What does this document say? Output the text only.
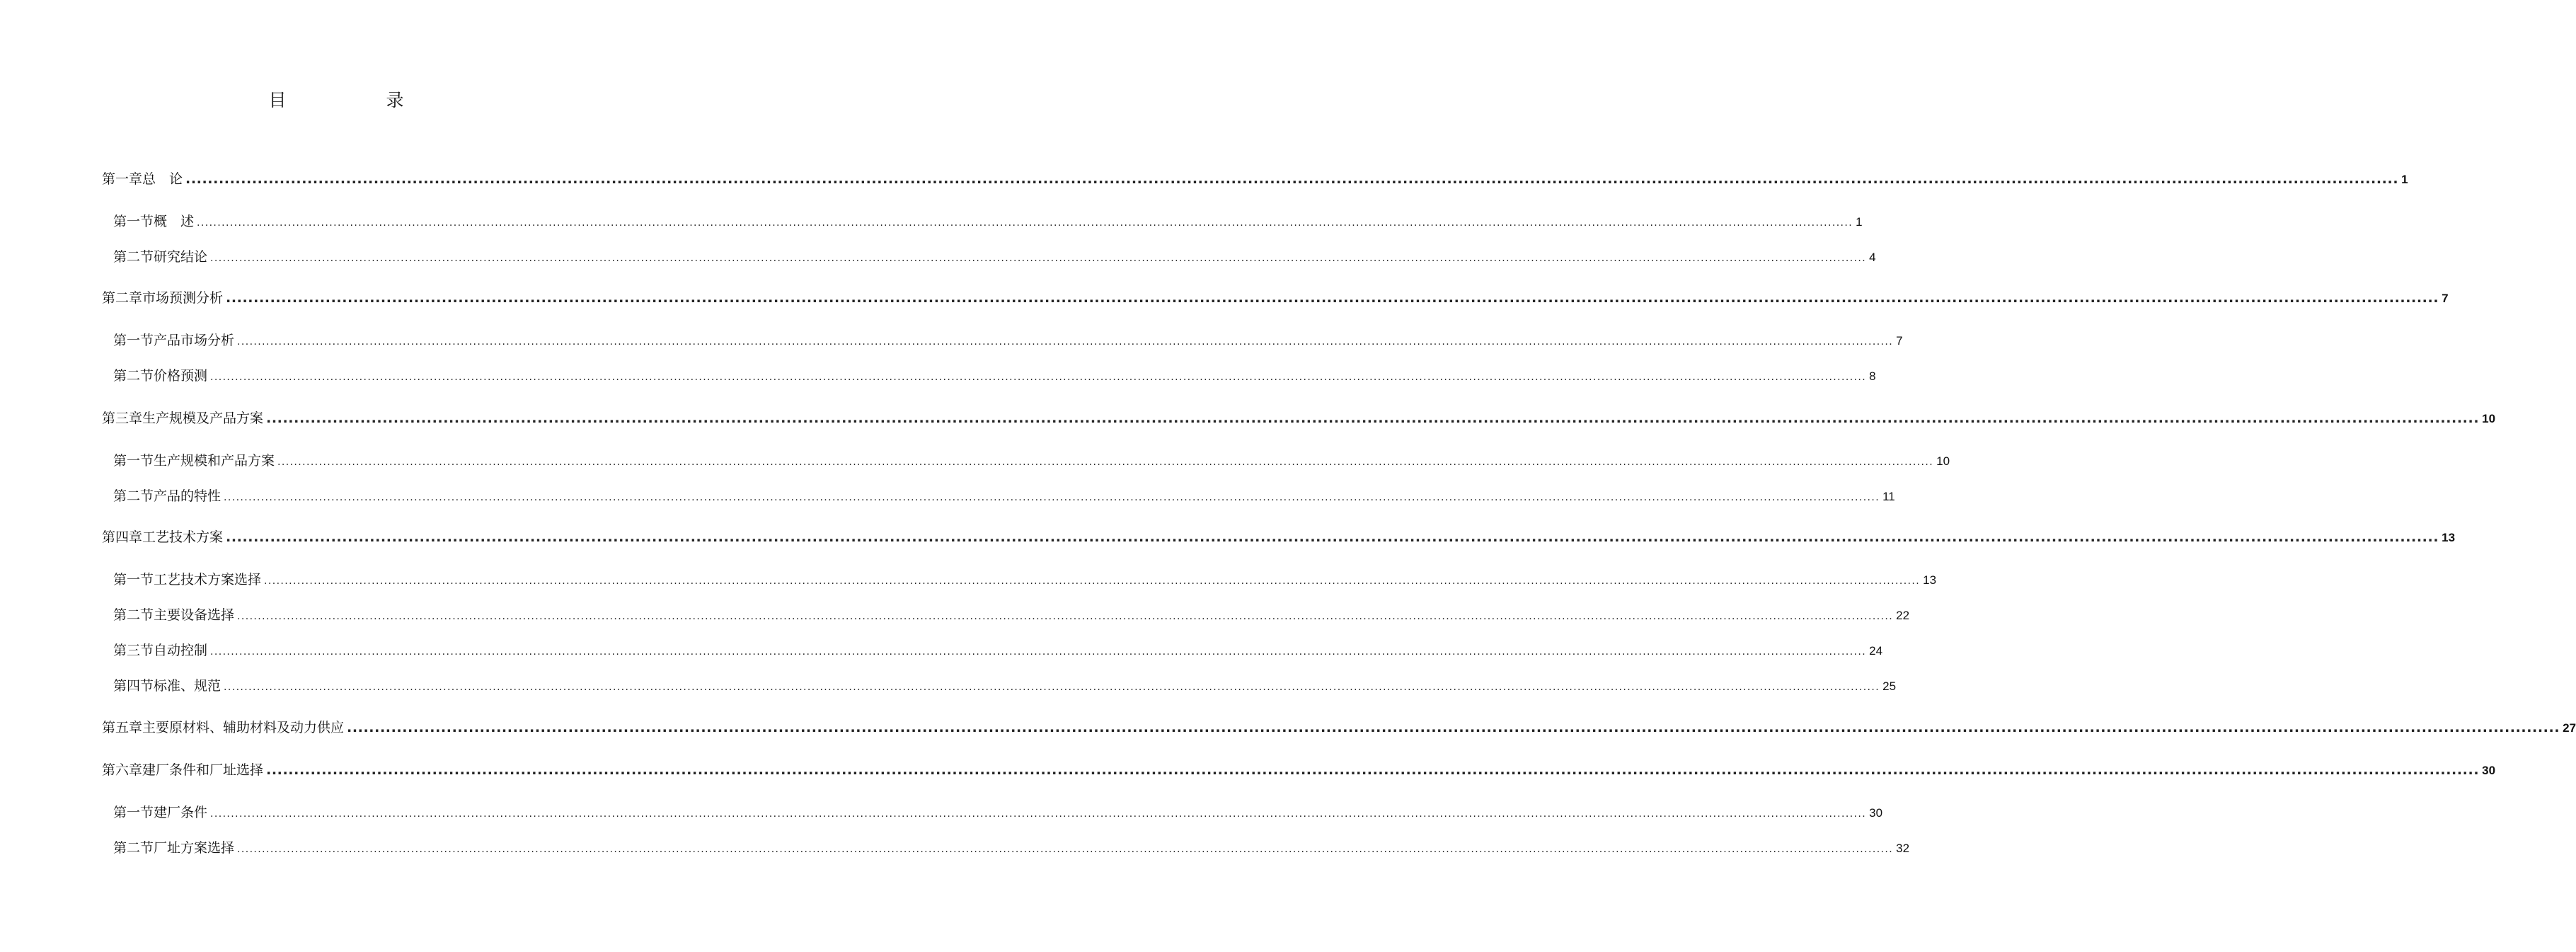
目　录
第一章 总　论 ................................................................................................................................................................................................................................................................................................................................................................................................................ 1
第一节 概　述 ................................................................................................................................................................................................................................................................................................................................................................................................................ 1
第二节 研究结论 ................................................................................................................................................................................................................................................................................................................................................................................................................ 4
第二章 市场预测分析 ................................................................................................................................................................................................................................................................................................................................................................................................................ 7
第一节 产品市场分析 ................................................................................................................................................................................................................................................................................................................................................................................................................ 7
第二节 价格预测 ................................................................................................................................................................................................................................................................................................................................................................................................................ 8
第三章 生产规模及产品方案 ................................................................................................................................................................................................................................................................................................................................................................................................................ 10
第一节 生产规模和产品方案 ................................................................................................................................................................................................................................................................................................................................................................................................................ 10
第二节 产品的特性 ................................................................................................................................................................................................................................................................................................................................................................................................................ 11
第四章 工艺技术方案 ................................................................................................................................................................................................................................................................................................................................................................................................................ 13
第一节 工艺技术方案选择 ................................................................................................................................................................................................................................................................................................................................................................................................................ 13
第二节 主要设备选择 ................................................................................................................................................................................................................................................................................................................................................................................................................ 22
第三节 自动控制 ................................................................................................................................................................................................................................................................................................................................................................................................................ 24
第四节 标准、规范 ................................................................................................................................................................................................................................................................................................................................................................................................................ 25
第五章 主要原材料、辅助材料及动力供应 ................................................................................................................................................................................................................................................................................................................................................................................................................ 27
第六章 建厂条件和厂址选择 ................................................................................................................................................................................................................................................................................................................................................................................................................ 30
第一节 建厂条件 ................................................................................................................................................................................................................................................................................................................................................................................................................ 30
第二节 厂址方案选择 ................................................................................................................................................................................................................................................................................................................................................................................................................ 32
